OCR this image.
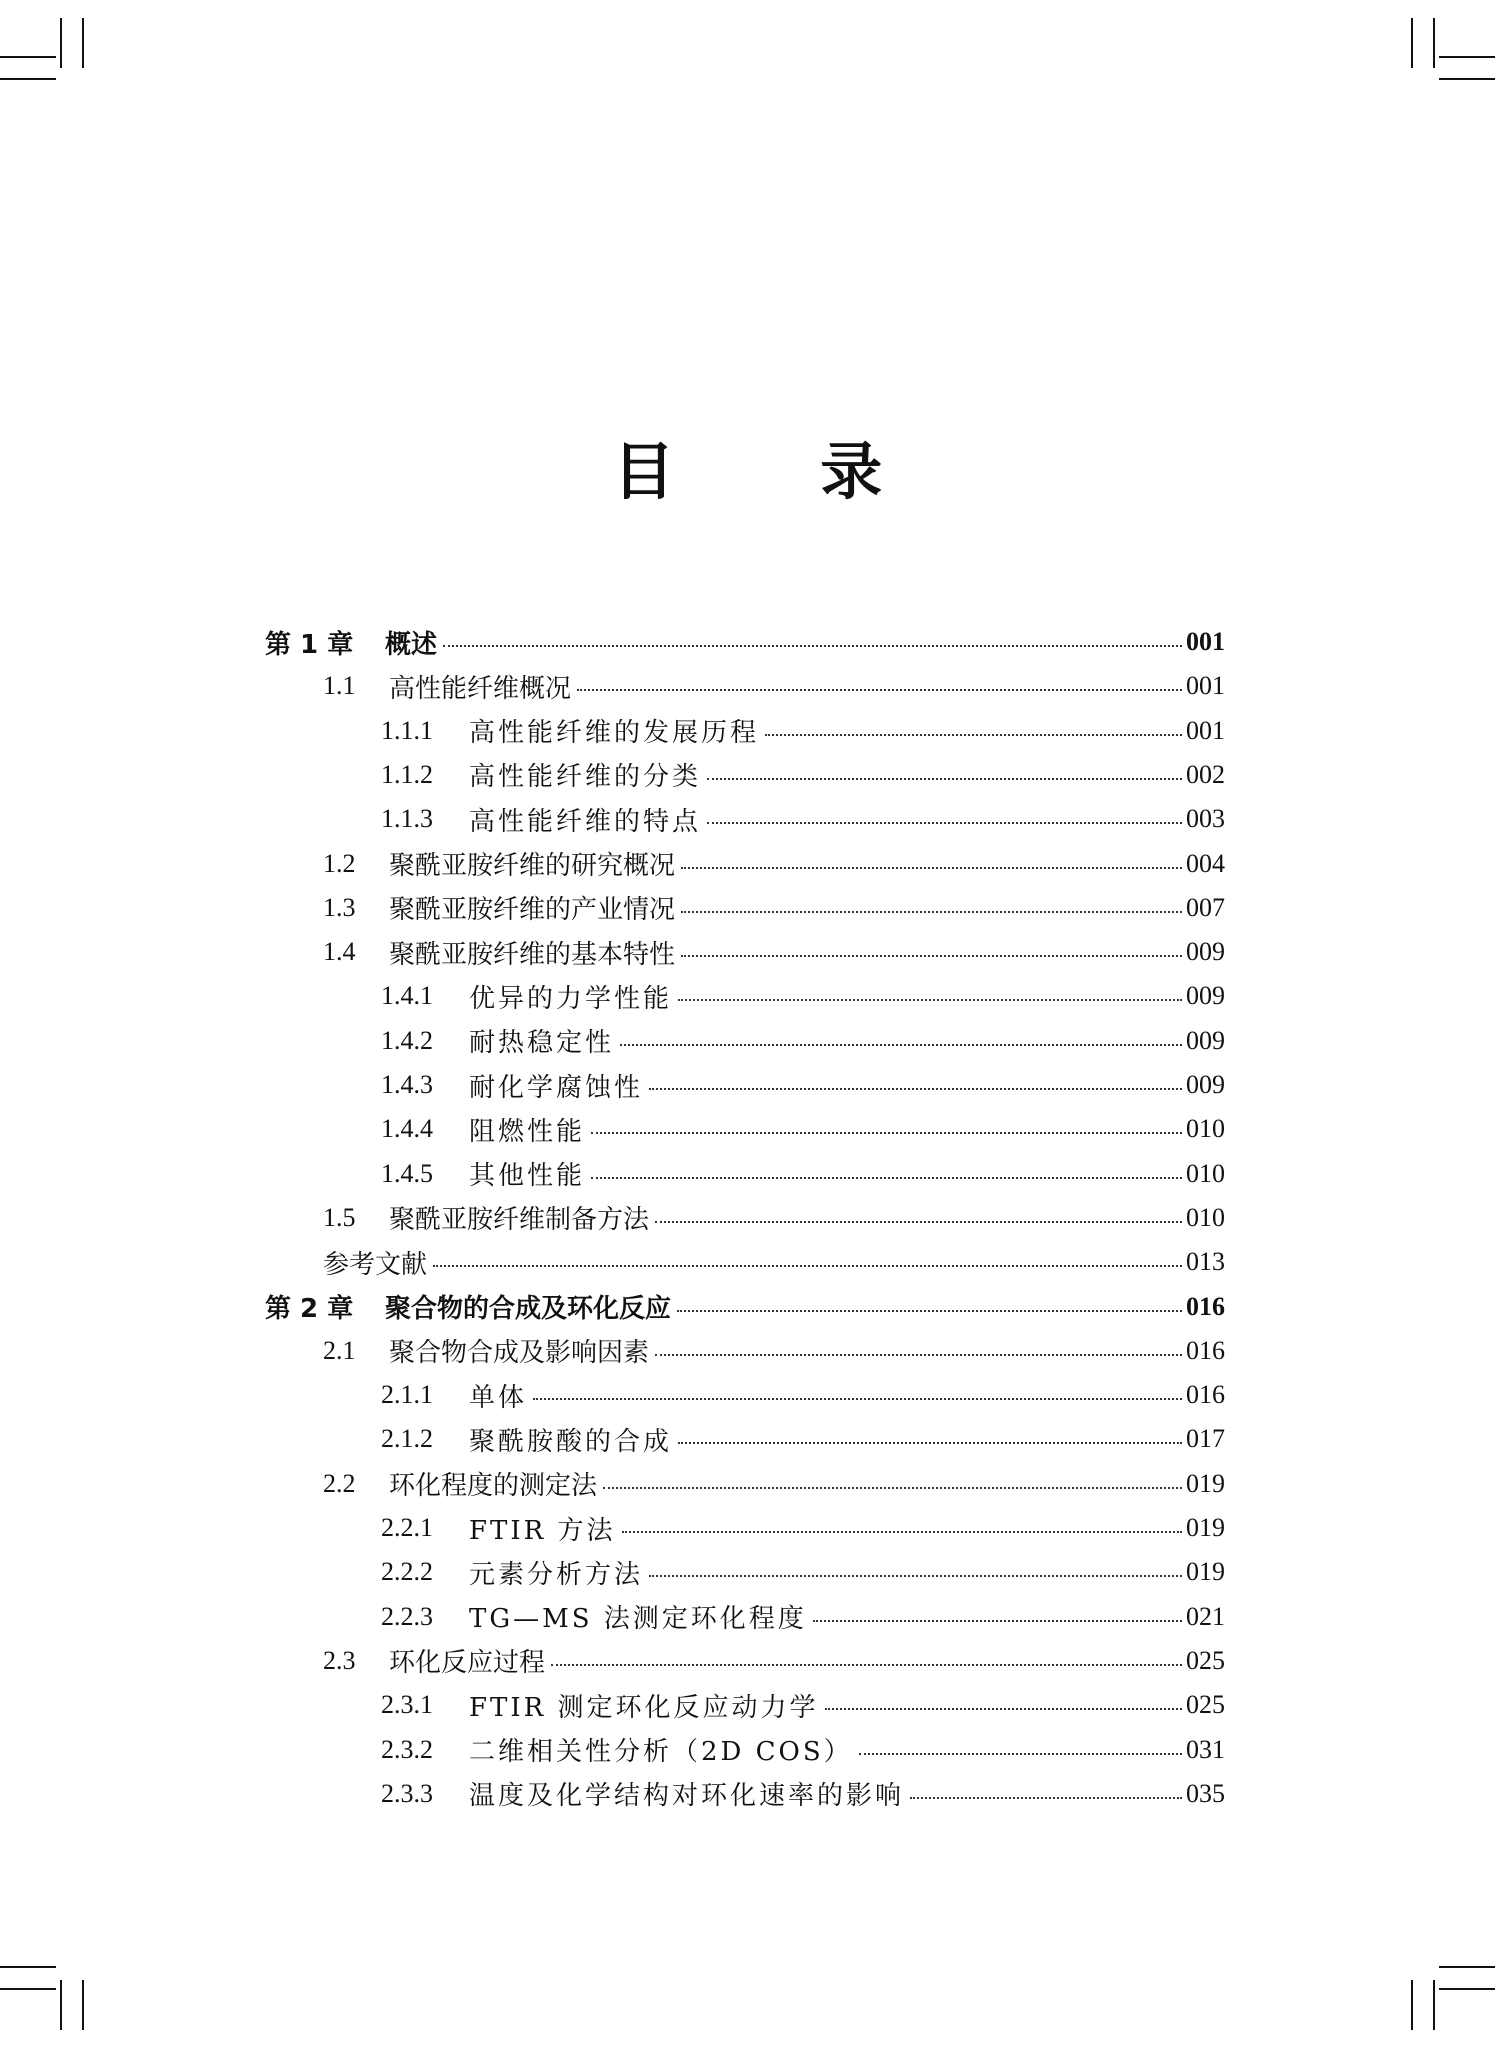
目 录
第 1 章	概述	001
1.1	高性能纤维概况	001
1.1.1	高性能纤维的发展历程	001
1.1.2	高性能纤维的分类	002
1.1.3	高性能纤维的特点	003
1.2	聚酰亚胺纤维的研究概况	004
1.3	聚酰亚胺纤维的产业情况	007
1.4	聚酰亚胺纤维的基本特性	009
1.4.1	优异的力学性能	009
1.4.2	耐热稳定性	009
1.4.3	耐化学腐蚀性	009
1.4.4	阻燃性能	010
1.4.5	其他性能	010
1.5	聚酰亚胺纤维制备方法	010
参考文献	013
第 2 章	聚合物的合成及环化反应	016
2.1	聚合物合成及影响因素	016
2.1.1	单体	016
2.1.2	聚酰胺酸的合成	017
2.2	环化程度的测定法	019
2.2.1	FTIR 方法	019
2.2.2	元素分析方法	019
2.2.3	TG—MS 法测定环化程度	021
2.3	环化反应过程	025
2.3.1	FTIR 测定环化反应动力学	025
2.3.2	二维相关性分析（2D COS）	031
2.3.3	温度及化学结构对环化速率的影响	035
